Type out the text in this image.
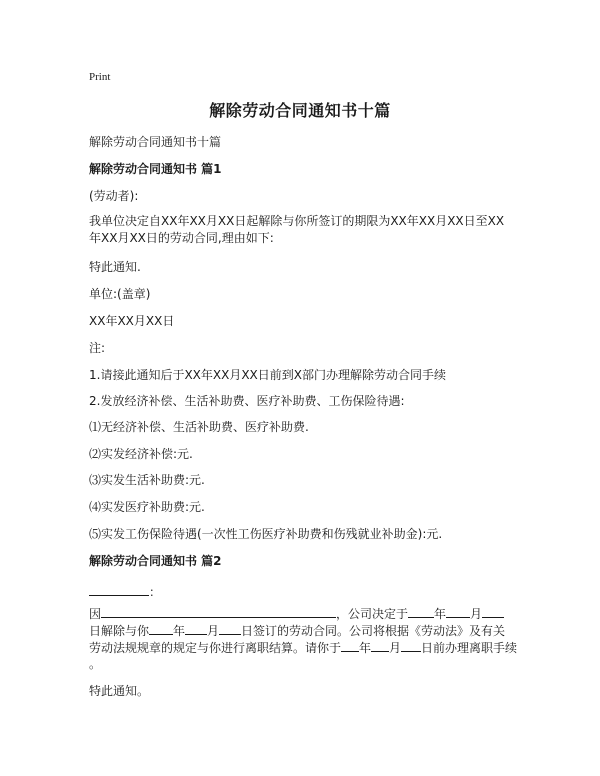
Print
解除劳动合同通知书十篇
解除劳动合同通知书十篇
解除劳动合同通知书 篇1
(劳动者):
我单位决定自XX年XX月XX日起解除与你所签订的期限为XX年XX月XX日至XX年XX月XX日的劳动合同,理由如下:
特此通知.
单位:(盖章)
XX年XX月XX日
注:
1.请接此通知后于XX年XX月XX日前到X部门办理解除劳动合同手续
2.发放经济补偿、生活补助费、医疗补助费、工伤保险待遇:
⑴无经济补偿、生活补助费、医疗补助费.
⑵实发经济补偿:元.
⑶实发生活补助费:元.
⑷实发医疗补助费:元.
⑸实发工伤保险待遇(一次性工伤医疗补助费和伤残就业补助金):元.
解除劳动合同通知书 篇2
：
因	，公司决定于 年 月
日解除与你 年 月 日签订的劳动合同。公司将根据《劳动法》及有关
劳动法规规章的规定与你进行离职结算。请你于 年 月 日前办理离职手续
。
特此通知。
